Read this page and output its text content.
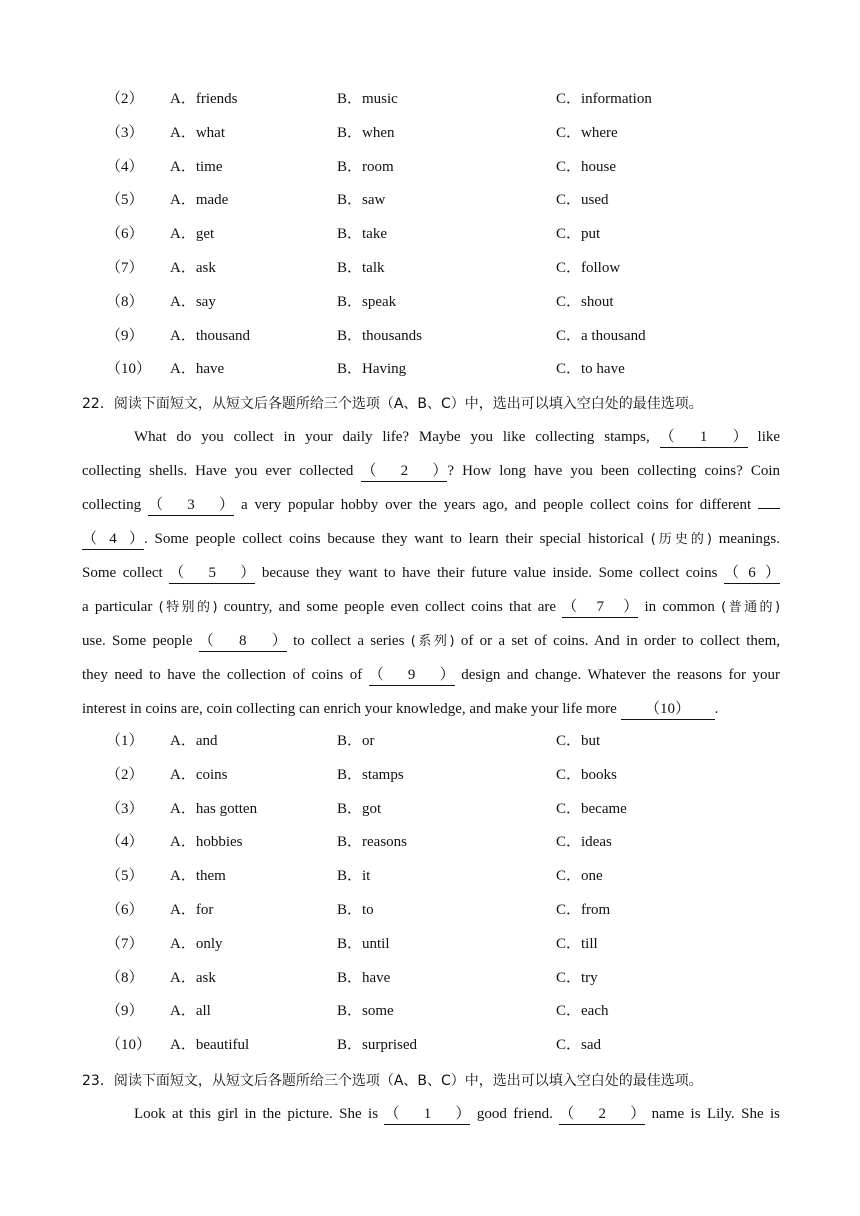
（2） A．friends	B．music	C．information
（3） A．what	B．when	C．where
（4） A．time	B．room	C．house
（5） A．made	B．saw	C．used
（6） A．get	B．take	C．put
（7） A．ask	B．talk	C．follow
（8） A．say	B．speak	C．shout
（9） A．thousand	B．thousands	C．a thousand
（10） A．have	B．Having	C．to have
22．阅读下面短文，从短文后各题所给三个选项（A、B、C）中，选出可以填入空白处的最佳选项。
What do you collect in your daily life? Maybe you like collecting stamps, （1） like
collecting shells. Have you ever collected （2）? How long have you been collecting coins? Coin
collecting （3） a very popular hobby over the years ago, and people collect coins for different
（4）. Some people collect coins because they want to learn their special historical (历史的) meanings.
Some collect （5） because they want to have their future value inside. Some collect coins （6）
a particular (特别的) country, and some people even collect coins that are （7） in common (普通的)
use. Some people （8） to collect a series (系列) of or a set of coins. And in order to collect them,
they need to have the collection of coins of （9） design and change. Whatever the reasons for your
interest in coins are, coin collecting can enrich your knowledge, and make your life more （10） .
（1） A．and	B．or	C．but
（2） A．coins	B．stamps	C．books
（3） A．has gotten	B．got	C．became
（4） A．hobbies	B．reasons	C．ideas
（5） A．them	B．it	C．one
（6） A．for	B．to	C．from
（7） A．only	B．until	C．till
（8） A．ask	B．have	C．try
（9） A．all	B．some	C．each
（10） A．beautiful	B．surprised	C．sad
23．阅读下面短文，从短文后各题所给三个选项（A、B、C）中，选出可以填入空白处的最佳选项。
Look at this girl in the picture. She is （1） good friend. （2） name is Lily. She is
